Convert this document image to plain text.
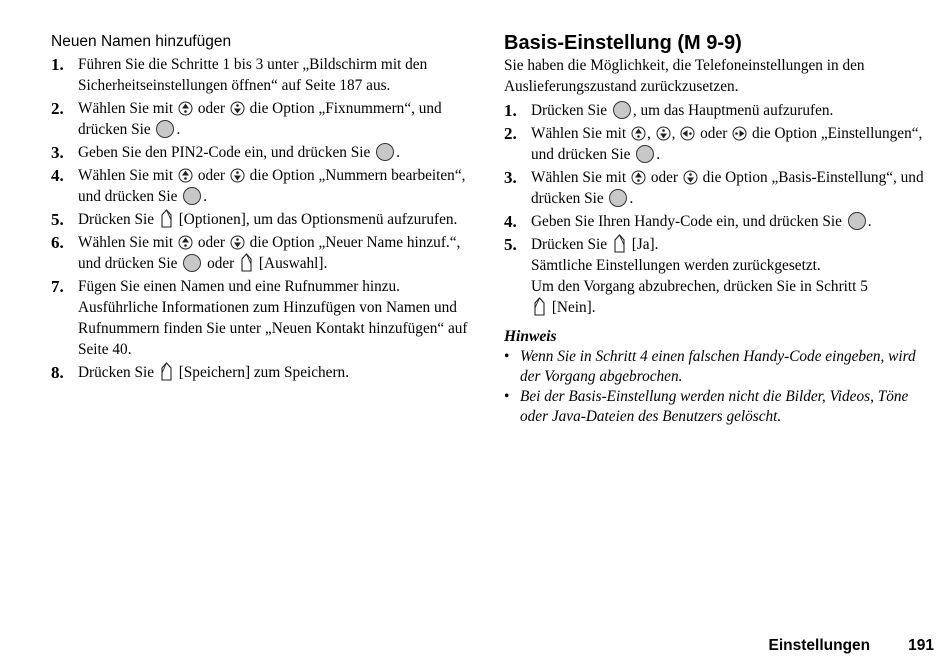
Neuen Namen hinzufügen
1. Führen Sie die Schritte 1 bis 3 unter „Bildschirm mit den Sicherheitseinstellungen öffnen“ auf Seite 187 aus.
2. Wählen Sie mit oder die Option „Fixnummern“, und drücken Sie .
3. Geben Sie den PIN2-Code ein, und drücken Sie .
4. Wählen Sie mit oder die Option „Nummern bearbeiten“, und drücken Sie .
5. Drücken Sie [Optionen], um das Optionsmenü aufzurufen.
6. Wählen Sie mit oder die Option „Neuer Name hinzuf.“, und drücken Sie oder [Auswahl].
7. Fügen Sie einen Namen und eine Rufnummer hinzu. Ausführliche Informationen zum Hinzufügen von Namen und Rufnummern finden Sie unter „Neuen Kontakt hinzufügen“ auf Seite 40.
8. Drücken Sie [Speichern] zum Speichern.
Basis-Einstellung (M 9-9)
Sie haben die Möglichkeit, die Telefoneinstellungen in den Auslieferungszustand zurückzusetzen.
1. Drücken Sie , um das Hauptmenü aufzurufen.
2. Wählen Sie mit , , oder die Option „Einstellungen“, und drücken Sie .
3. Wählen Sie mit oder die Option „Basis-Einstellung“, und drücken Sie .
4. Geben Sie Ihren Handy-Code ein, und drücken Sie .
5. Drücken Sie [Ja].
Sämtliche Einstellungen werden zurückgesetzt.
Um den Vorgang abzubrechen, drücken Sie in Schritt 5
[Nein].
Hinweis
• Wenn Sie in Schritt 4 einen falschen Handy-Code eingeben, wird der Vorgang abgebrochen.
• Bei der Basis-Einstellung werden nicht die Bilder, Videos, Töne oder Java-Dateien des Benutzers gelöscht.
Einstellungen 191
